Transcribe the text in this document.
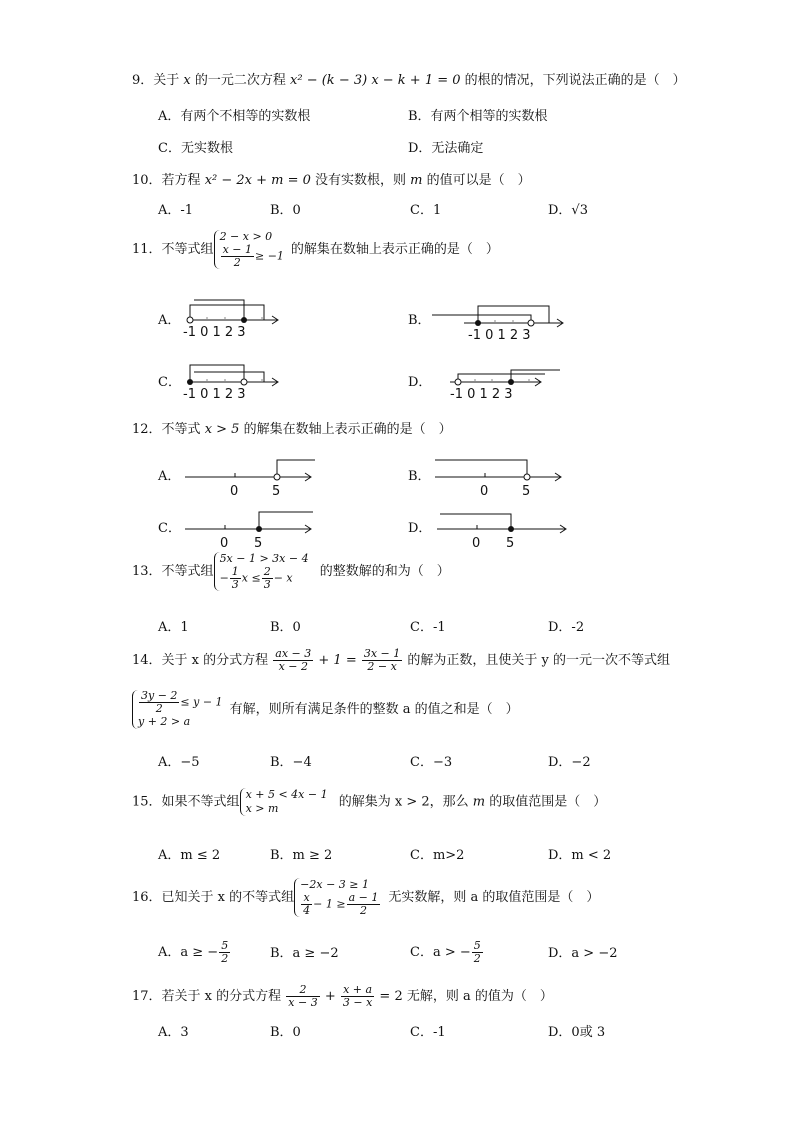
9．关于 x 的一元二次方程 x² − (k − 3) x − k + 1 = 0 的根的情况，下列说法正确的是（　）
A．有两个不相等的实数根	B．有两个相等的实数根
C．无实数根	D．无法确定
10．若方程 x² − 2x + m = 0 没有实数根，则 m 的值可以是（　）
A．-1	B．0	C．1	D．√3
11．不等式组
2 − x > 0
$\frac{x - 1}{2} \ge -1$ 的解集在数轴上表示正确的是（　）
A．
-1 0 1 2 3
B．
-1 0 1 2 3
C．
-1 0 1 2 3
D．
-1 0 1 2 3
12．不等式 x > 5 的解集在数轴上表示正确的是（　）
A．
0	5
B．
0	5
C．
0 5
D．
0 5
13．不等式组
5x − 1 > 3x − 4
− $\frac{1}{3}$ $x \le \frac{2}{3} - x$	的整数解的和为（　）
A．1	B．0	C．-1	D．-2
14．关于 x 的分式方程 $\frac{ax - 3}{x - 2} + 1 = \frac{3x - 1}{2 - x}$ 的解为正数，且使关于 y 的一元一次不等式组
$\frac{3y - 2}{2} \le y - 1$
y + 2 > a
有解，则所有满足条件的整数 a 的值之和是（　）
A．−5	B．−4	C．−3	D．−2
15．如果不等式组 x + 5 < 4x − 1
x > m	的解集为 x > 2，那么 m 的取值范围是（　）
A．m ≤ 2	B．m ≥ 2	C．m>2	D．m < 2
16．已知关于 x 的不等式组
−2x − 3 ≥ 1
$\frac{x}{4} - 1 \ge \frac{a - 1}{2}$ 无实数解，则 a 的取值范围是（　）
A．a ≥ − $\frac{5}{2}$	B．a ≥ −2	C．a > − $\frac{5}{2}$	D．a > −2
17．若关于 x 的分式方程 $\frac{2}{x - 3} + \frac{x + a}{3 - x} = 2$ 无解，则 a 的值为（　）
A．3	B．0	C．-1	D．0或 3
